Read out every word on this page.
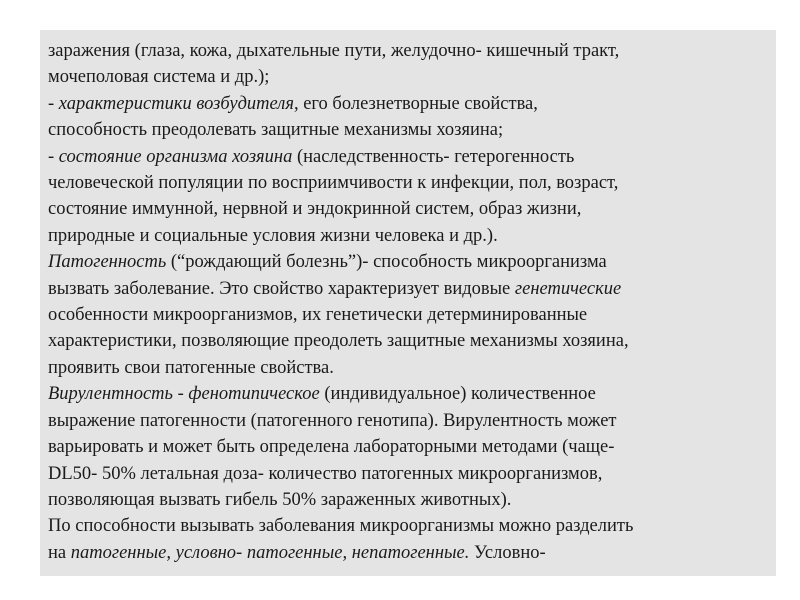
заражения (глаза, кожа, дыхательные пути, желудочно- кишечный тракт,
мочеполовая система и др.);
- характеристики возбудителя, его болезнетворные свойства,
способность преодолевать защитные механизмы хозяина;
- состояние организма хозяина (наследственность- гетерогенность
человеческой популяции по восприимчивости к инфекции, пол, возраст,
состояние иммунной, нервной и эндокринной систем, образ жизни,
природные и социальные условия жизни человека и др.).
Патогенность (“рождающий болезнь”)- способность микроорганизма
вызвать заболевание. Это свойство характеризует видовые генетические
особенности микроорганизмов, их генетически детерминированные
характеристики, позволяющие преодолеть защитные механизмы хозяина,
проявить свои патогенные свойства.
Вирулентность - фенотипическое (индивидуальное) количественное
выражение патогенности (патогенного генотипа). Вирулентность может
варьировать и может быть определена лабораторными методами (чаще-
DL50- 50% летальная доза- количество патогенных микроорганизмов,
позволяющая вызвать гибель 50% зараженных животных).
По способности вызывать заболевания микроорганизмы можно разделить
на патогенные, условно- патогенные, непатогенные. Условно-
